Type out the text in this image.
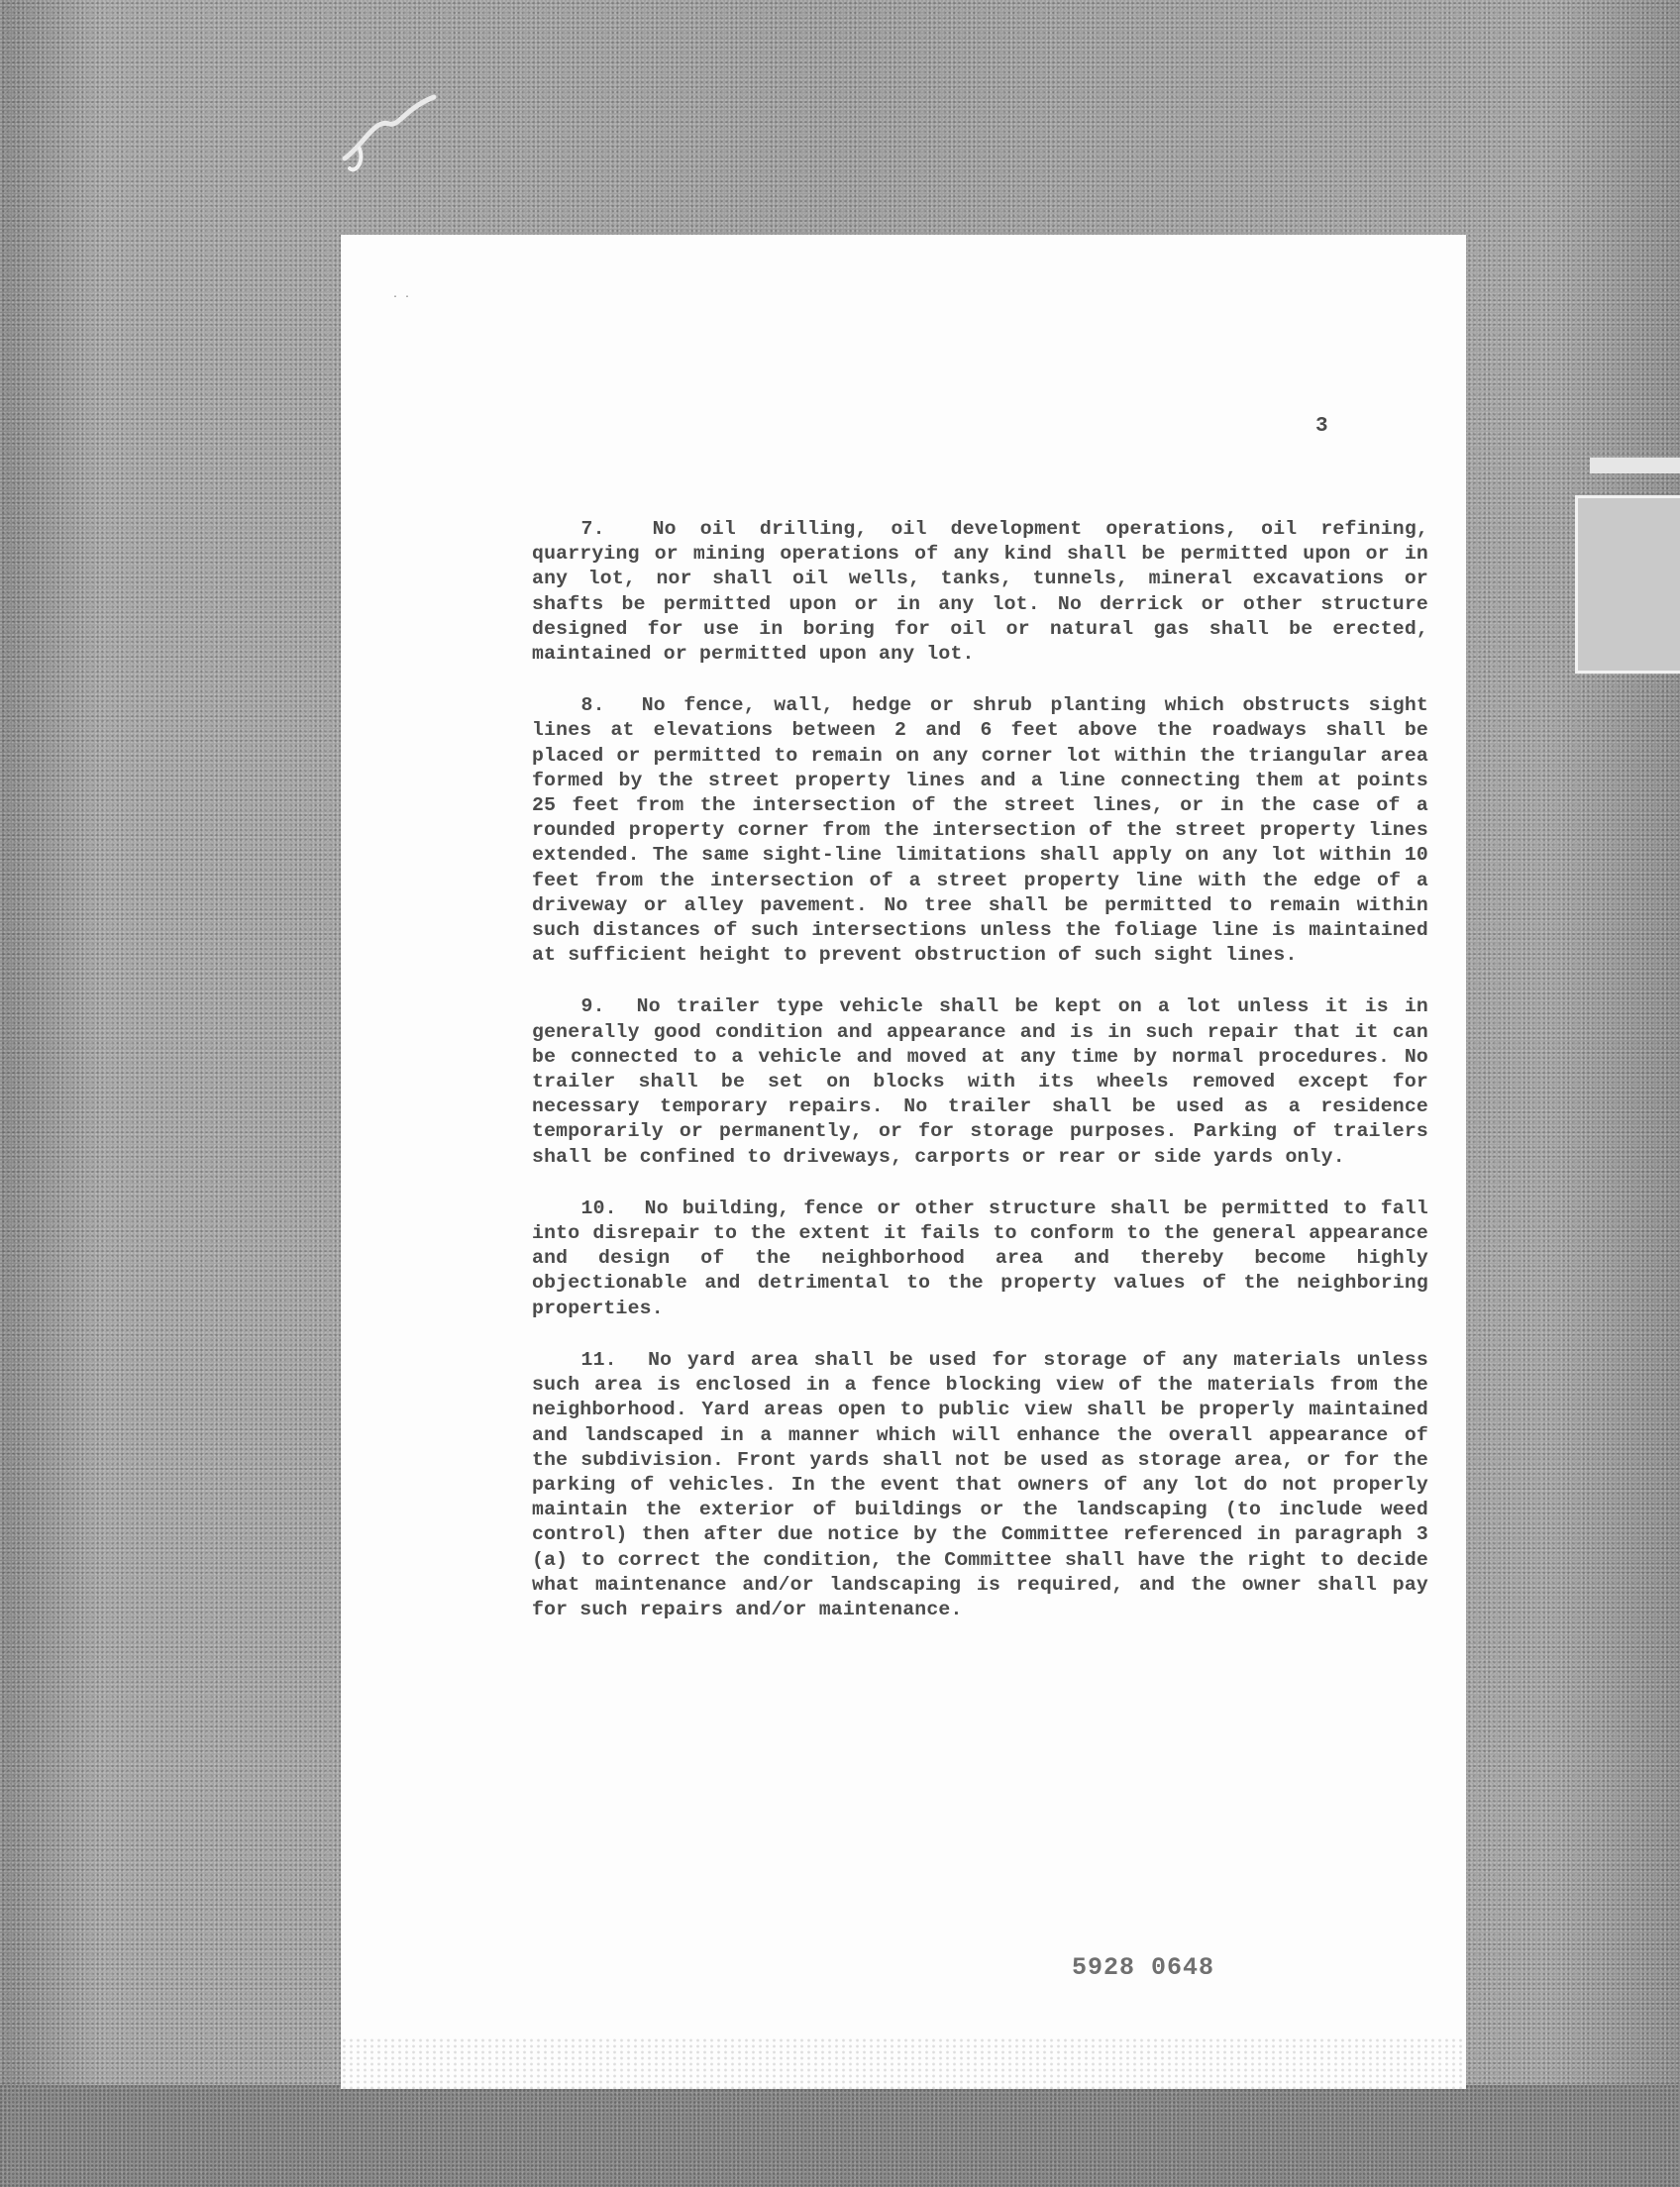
. .
3

7. No oil drilling, oil development operations, oil refining, quarrying or mining operations of any kind shall be permitted upon or in any lot, nor shall oil wells, tanks, tunnels, mineral excavations or shafts be permitted upon or in any lot. No derrick or other structure designed for use in boring for oil or natural gas shall be erected, maintained or permitted upon any lot.

8. No fence, wall, hedge or shrub planting which obstructs sight lines at elevations between 2 and 6 feet above the roadways shall be placed or permitted to remain on any corner lot within the triangular area formed by the street property lines and a line connecting them at points 25 feet from the intersection of the street lines, or in the case of a rounded property corner from the intersection of the street property lines extended. The same sight-line limitations shall apply on any lot within 10 feet from the intersection of a street property line with the edge of a driveway or alley pavement. No tree shall be permitted to remain within such distances of such intersections unless the foliage line is maintained at sufficient height to prevent obstruction of such sight lines.

9. No trailer type vehicle shall be kept on a lot unless it is in generally good condition and appearance and is in such repair that it can be connected to a vehicle and moved at any time by normal procedures. No trailer shall be set on blocks with its wheels removed except for necessary temporary repairs. No trailer shall be used as a residence temporarily or permanently, or for storage purposes. Parking of trailers shall be confined to driveways, carports or rear or side yards only.

10. No building, fence or other structure shall be permitted to fall into disrepair to the extent it fails to conform to the general appearance and design of the neighborhood area and thereby become highly objectionable and detrimental to the property values of the neighboring properties.

11. No yard area shall be used for storage of any materials unless such area is enclosed in a fence blocking view of the materials from the neighborhood. Yard areas open to public view shall be properly maintained and landscaped in a manner which will enhance the overall appearance of the subdivision. Front yards shall not be used as storage area, or for the parking of vehicles. In the event that owners of any lot do not properly maintain the exterior of buildings or the landscaping (to include weed control) then after due notice by the Committee referenced in paragraph 3 (a) to correct the condition, the Committee shall have the right to decide what maintenance and/or landscaping is required, and the owner shall pay for such repairs and/or maintenance.

5928 0648
